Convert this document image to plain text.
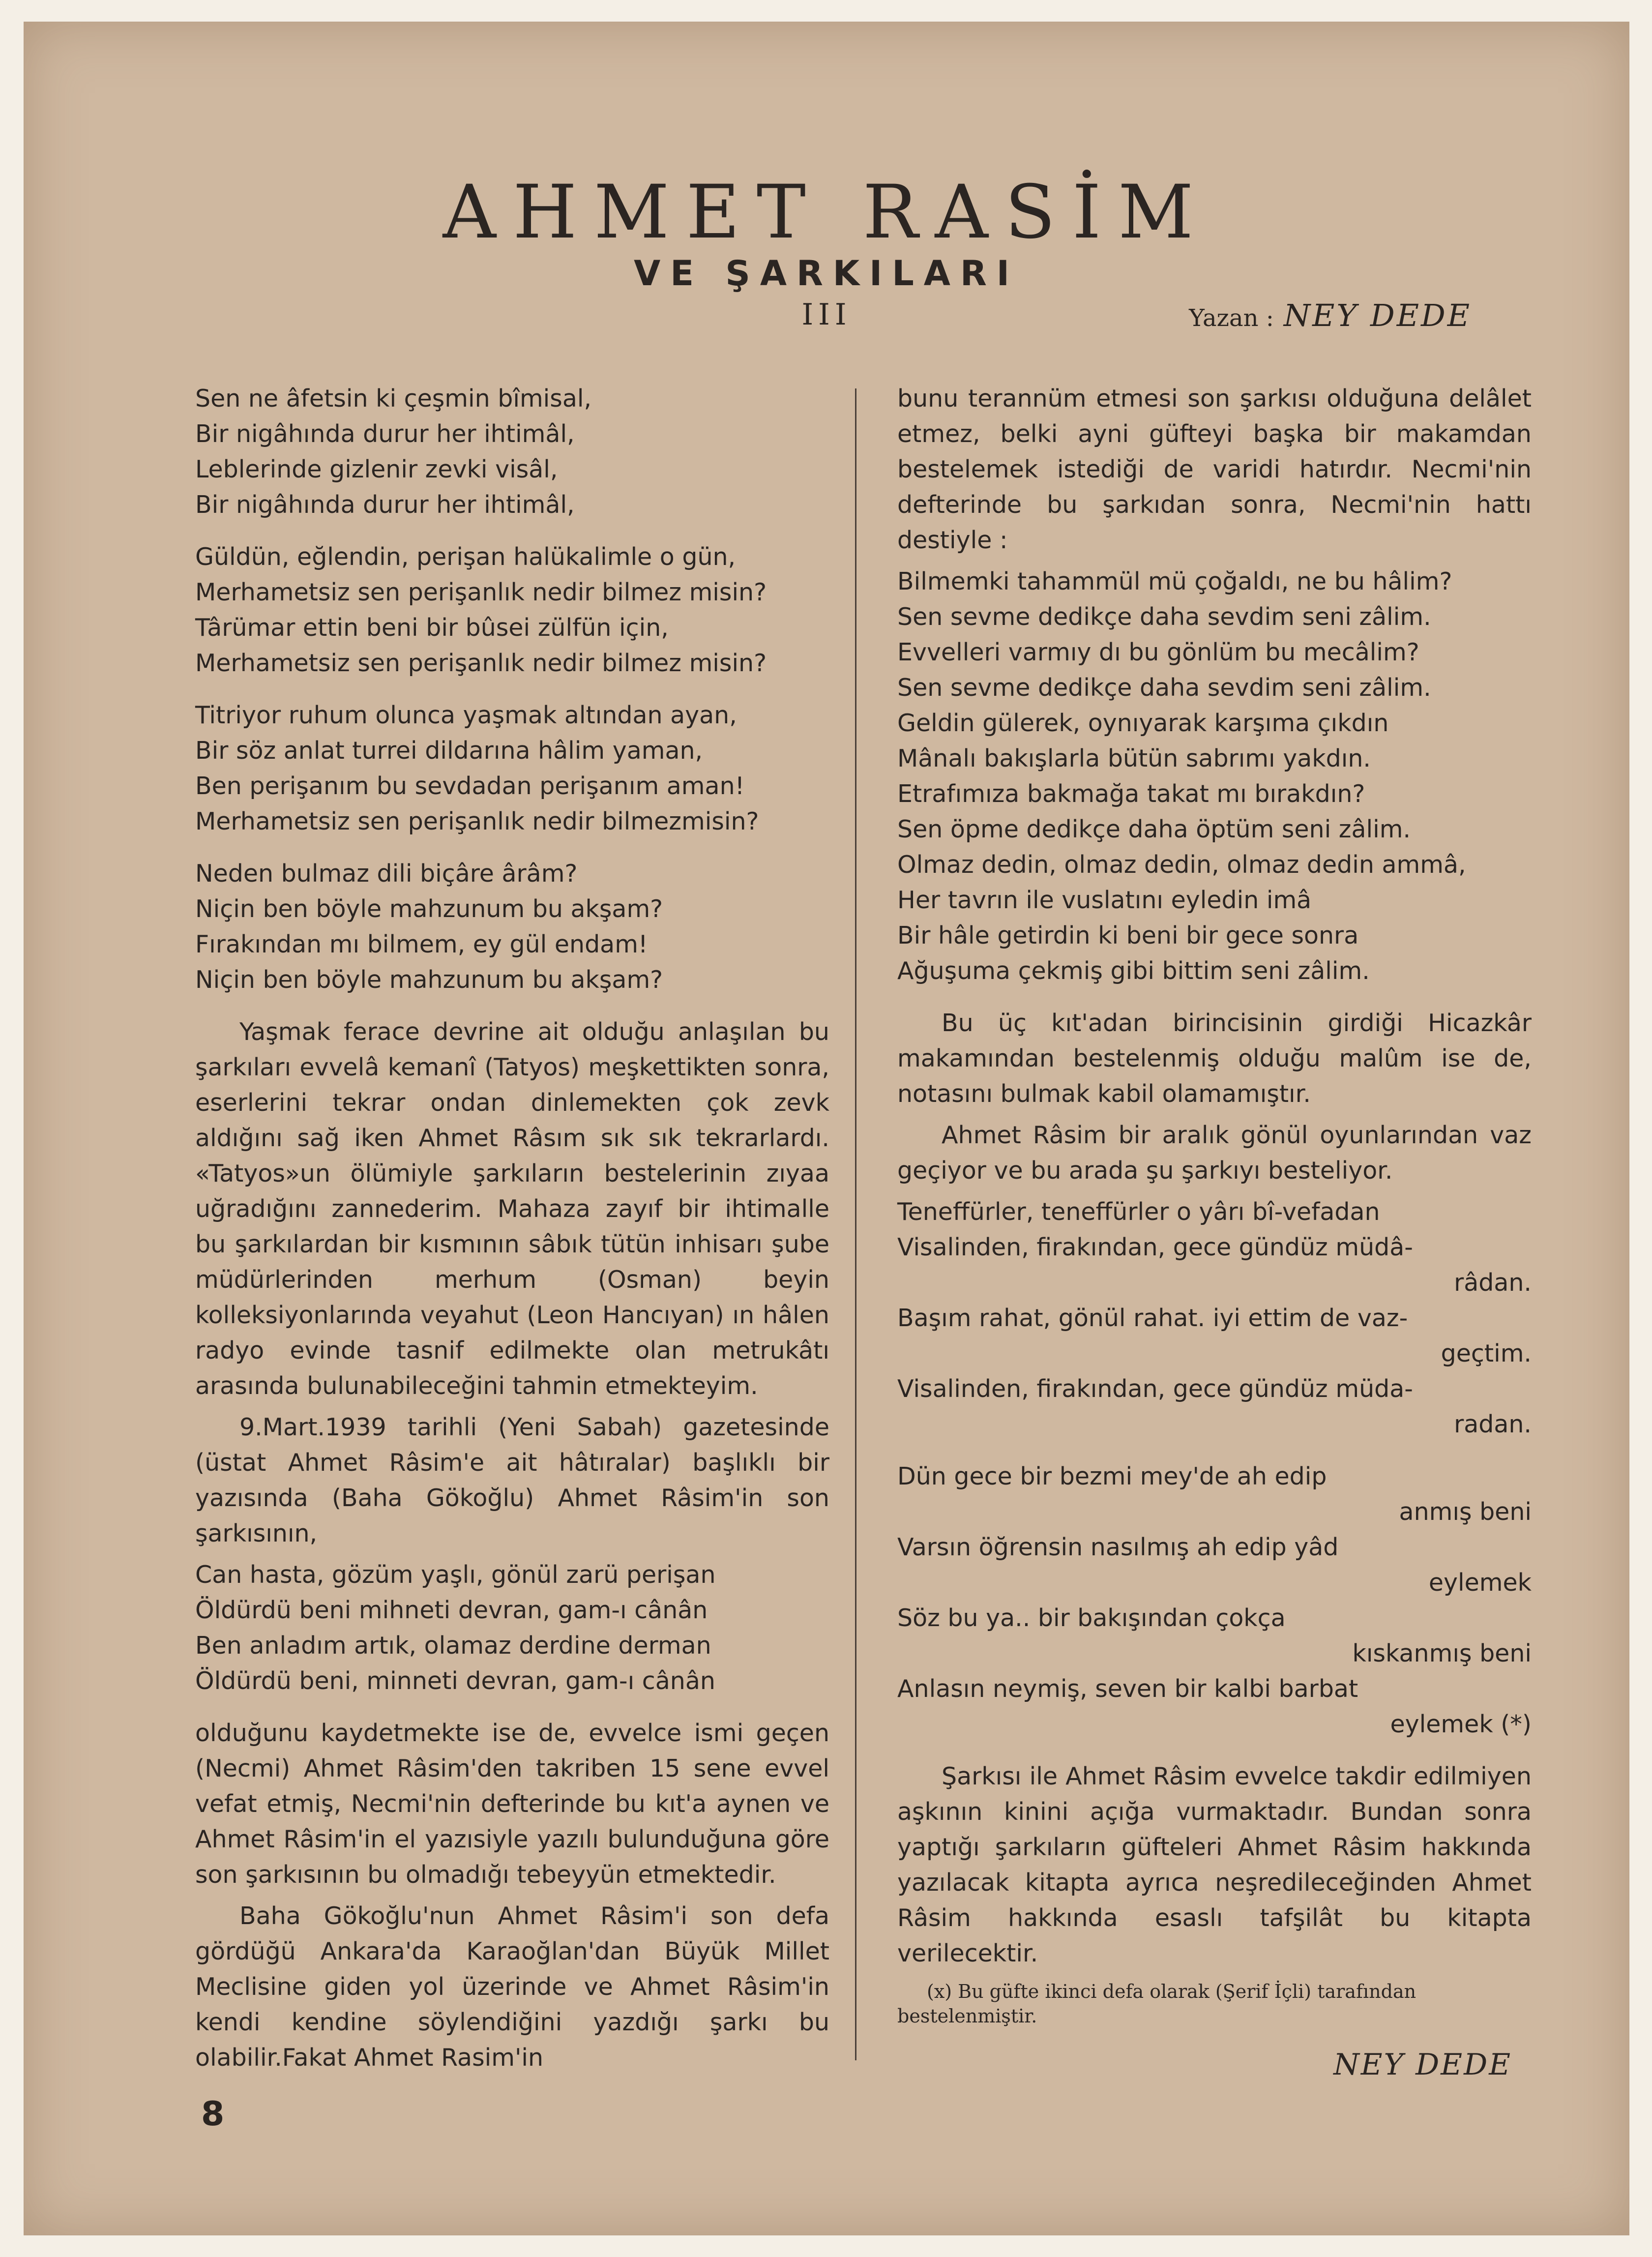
AHMET RASİM
VE ŞARKILARI
III	Yazan : NEY DEDE
Sen ne âfetsin ki çeşmin bîmisal,
Bir nigâhında durur her ihtimâl,
Leblerinde gizlenir zevki visâl,
Bir nigâhında durur her ihtimâl,
Güldün, eğlendin, perişan halükalimle o gün,
Merhametsiz sen perişanlık nedir bilmez misin?
Târümar ettin beni bir bûsei zülfün için,
Merhametsiz sen perişanlık nedir bilmez misin?
Titriyor ruhum olunca yaşmak altından ayan,
Bir söz anlat turrei dildarına hâlim yaman,
Ben perişanım bu sevdadan perişanım aman!
Merhametsiz sen perişanlık nedir bilmezmisin?
Neden bulmaz dili biçâre ârâm?
Niçin ben böyle mahzunum bu akşam?
Fırakından mı bilmem, ey gül endam!
Niçin ben böyle mahzunum bu akşam?

Yaşmak ferace devrine ait olduğu anlaşılan bu şarkıları evvelâ kemanî (Tatyos) meşkettikten sonra, eserlerini tekrar ondan dinlemekten çok zevk aldığını sağ iken Ahmet Râsım sık sık tekrarlardı. «Tatyos»un ölümiyle şarkıların bestelerinin zıyaa uğradığını zannederim. Mahaza zayıf bir ihtimalle bu şarkılardan bir kısmının sâbık tütün inhisarı şube müdürlerinden merhum (Osman) beyin kolleksiyonlarında veyahut (Leon Hancıyan) ın hâlen radyo evinde tasnif edilmekte olan metrukâtı arasında bulunabileceğini tahmin etmekteyim.

9.Mart.1939 tarihli (Yeni Sabah) gazetesinde (üstat Ahmet Râsim'e ait hâtıralar) başlıklı bir yazısında (Baha Gökoğlu) Ahmet Râsim'in son şarkısının,

Can hasta, gözüm yaşlı, gönül zarü perişan
Öldürdü beni mihneti devran, gam-ı cânân
Ben anladım artık, olamaz derdine derman
Öldürdü beni, minneti devran, gam-ı cânân

olduğunu kaydetmekte ise de, evvelce ismi geçen (Necmi) Ahmet Râsim'den takriben 15 sene evvel vefat etmiş, Necmi'nin defterinde bu kıt'a aynen ve Ahmet Râsim'in el yazısiyle yazılı bulunduğuna göre son şarkısının bu olmadığı tebeyyün etmektedir.

Baha Gökoğlu'nun Ahmet Râsim'i son defa gördüğü Ankara'da Karaoğlan'dan Büyük Millet Meclisine giden yol üzerinde ve Ahmet Râsim'in kendi kendine söylendiğini yazdığı şarkı bu olabilir.Fakat Ahmet Rasim'in

bunu terannüm etmesi son şarkısı olduğuna delâlet etmez, belki ayni güfteyi başka bir makamdan bestelemek istediği de varidi hatırdır. Necmi'nin defterinde bu şarkıdan sonra, Necmi'nin hattı destiyle :

Bilmemki tahammül mü çoğaldı, ne bu hâlim?
Sen sevme dedikçe daha sevdim seni zâlim.
Evvelleri varmıy dı bu gönlüm bu mecâlim?
Sen sevme dedikçe daha sevdim seni zâlim.
Geldin gülerek, oynıyarak karşıma çıkdın
Mânalı bakışlarla bütün sabrımı yakdın.
Etrafımıza bakmağa takat mı bırakdın?
Sen öpme dedikçe daha öptüm seni zâlim.
Olmaz dedin, olmaz dedin, olmaz dedin ammâ,
Her tavrın ile vuslatını eyledin imâ
Bir hâle getirdin ki beni bir gece sonra
Ağuşuma çekmiş gibi bittim seni zâlim.

Bu üç kıt'adan birincisinin girdiği Hicazkâr makamından bestelenmiş olduğu malûm ise de, notasını bulmak kabil olamamıştır.

Ahmet Râsim bir aralık gönül oyunlarından vaz geçiyor ve bu arada şu şarkıyı besteliyor.

Teneffürler, teneffürler o yârı bî-vefadan
Visalinden, firakından, gece gündüz müdâ-
râdan.
Başım rahat, gönül rahat. iyi ettim de vaz-
geçtim.
Visalinden, firakından, gece gündüz müda-
radan.
Dün gece bir bezmi mey'de ah edip
anmış beni
Varsın öğrensin nasılmış ah edip yâd
eylemek
Söz bu ya.. bir bakışından çokça
kıskanmış beni
Anlasın neymiş, seven bir kalbi barbat
eylemek (*)

Şarkısı ile Ahmet Râsim evvelce takdir edilmiyen aşkının kinini açığa vurmaktadır. Bundan sonra yaptığı şarkıların güfteleri Ahmet Râsim hakkında yazılacak kitapta ayrıca neşredileceğinden Ahmet Râsim hakkında esaslı tafşilât bu kitapta verilecektir.

(x) Bu güfte ikinci defa olarak (Şerif İçli) tarafından bestelenmiştir.

NEY DEDE
8
